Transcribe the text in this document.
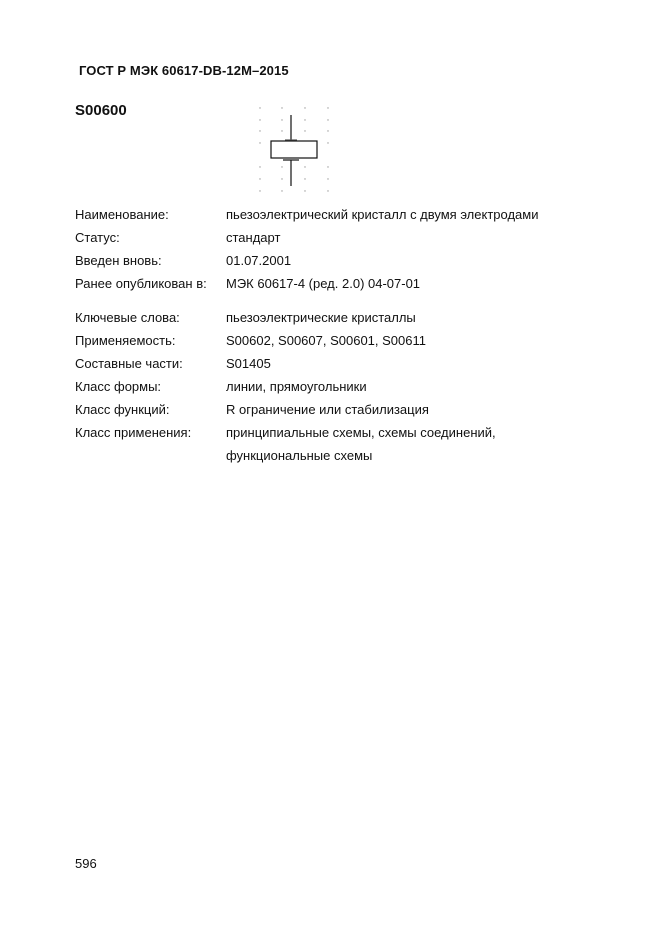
ГОСТ Р МЭК 60617-DB-12M–2015
S00600
Наименование:	пьезоэлектрический кристалл с двумя электродами
Статус:	стандарт
Введен вновь:	01.07.2001
Ранее опубликован в:	МЭК 60617-4 (ред. 2.0) 04-07-01
Ключевые слова:	пьезоэлектрические кристаллы
Применяемость:	S00602, S00607, S00601, S00611
Составные части:	S01405
Класс формы:	линии, прямоугольники
Класс функций:	R ограничение или стабилизация
Класс применения:	принципиальные схемы, схемы соединений,
функциональные схемы
596
